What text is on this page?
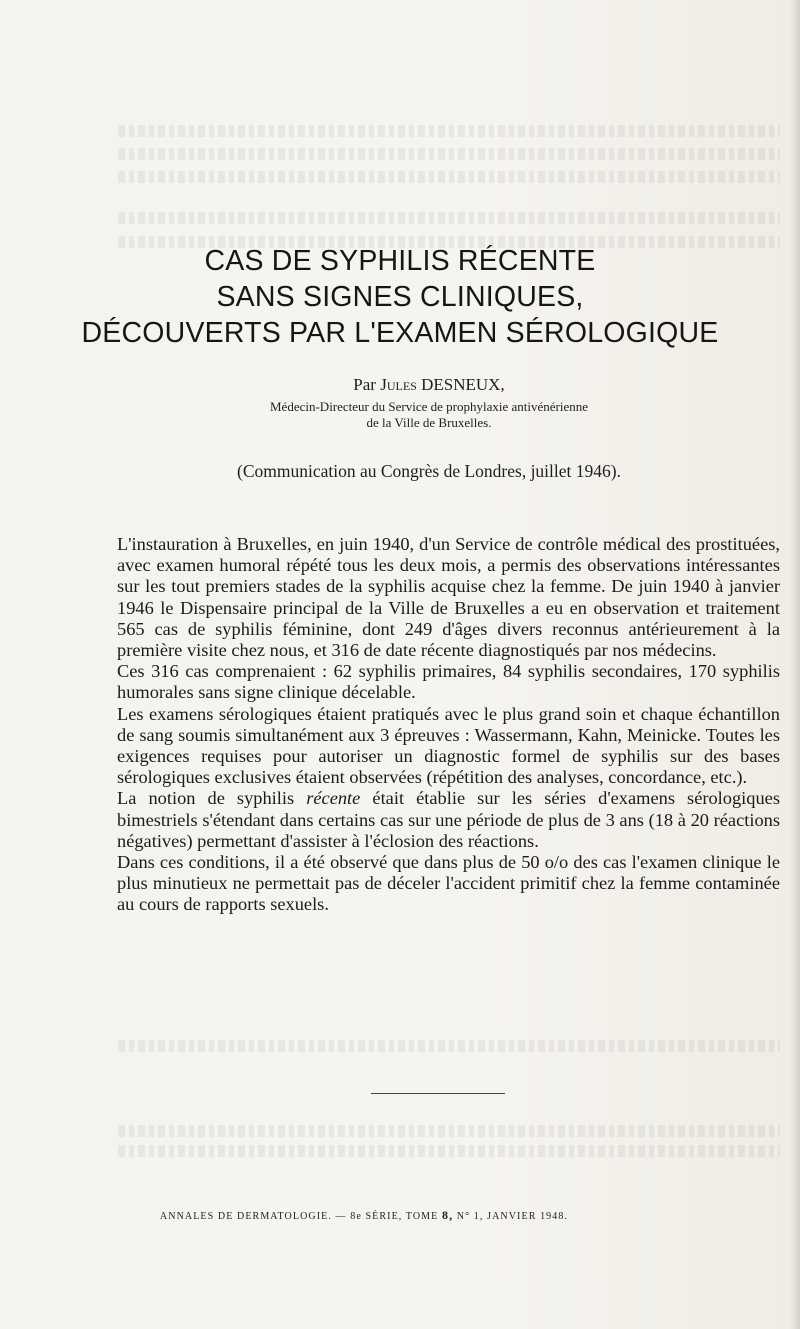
CAS DE SYPHILIS RÉCENTE
SANS SIGNES CLINIQUES,
DÉCOUVERTS PAR L'EXAMEN SÉROLOGIQUE
Par Jules DESNEUX,
Médecin-Directeur du Service de prophylaxie antivénérienne
de la Ville de Bruxelles.
(Communication au Congrès de Londres, juillet 1946).

L'instauration à Bruxelles, en juin 1940, d'un Service de contrôle médical des prostituées, avec examen humoral répété tous les deux mois, a permis des observations intéressantes sur les tout premiers stades de la syphilis acquise chez la femme. De juin 1940 à janvier 1946 le Dispensaire principal de la Ville de Bruxelles a eu en observation et traitement 565 cas de syphilis féminine, dont 249 d'âges divers reconnus antérieurement à la première visite chez nous, et 316 de date récente diagnostiqués par nos médecins.

Ces 316 cas comprenaient : 62 syphilis primaires, 84 syphilis secondaires, 170 syphilis humorales sans signe clinique décelable.

Les examens sérologiques étaient pratiqués avec le plus grand soin et chaque échantillon de sang soumis simultanément aux 3 épreuves : Wassermann, Kahn, Meinicke. Toutes les exigences requises pour autoriser un diagnostic formel de syphilis sur des bases sérologiques exclusives étaient observées (répétition des analyses, concordance, etc.).

La notion de syphilis récente était établie sur les séries d'examens sérologiques bimestriels s'étendant dans certains cas sur une période de plus de 3 ans (18 à 20 réactions négatives) permettant d'assister à l'éclosion des réactions.

Dans ces conditions, il a été observé que dans plus de 50 o/o des cas l'examen clinique le plus minutieux ne permettait pas de déceler l'accident primitif chez la femme contaminée au cours de rapports sexuels.

ANNALES DE DERMATOLOGIE. — 8e SÉRIE, TOME 8, N° 1, JANVIER 1948.
